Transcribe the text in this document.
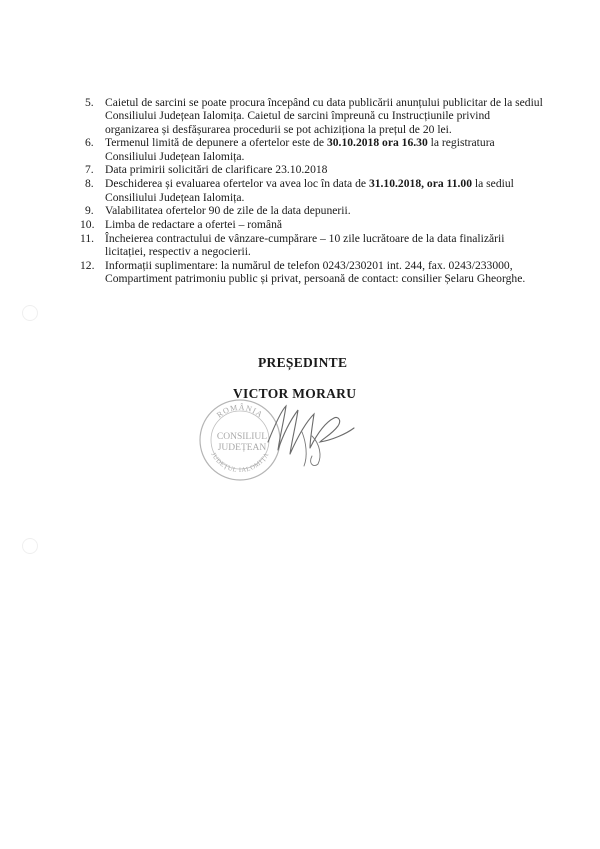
5. Caietul de sarcini se poate procura începând cu data publicării anunțului publicitar de la sediul Consiliului Județean Ialomița. Caietul de sarcini împreună cu Instrucțiunile privind organizarea și desfășurarea procedurii se pot achiziționa la prețul de 20 lei.
6. Termenul limită de depunere a ofertelor este de 30.10.2018 ora 16.30 la registratura Consiliului Județean Ialomița.
7. Data primirii solicitări de clarificare 23.10.2018
8. Deschiderea și evaluarea ofertelor va avea loc în data de 31.10.2018, ora 11.00 la sediul Consiliului Județean Ialomița.
9. Valabilitatea ofertelor 90 de zile de la data depunerii.
10. Limba de redactare a ofertei – română
11. Încheierea contractului de vânzare-cumpărare – 10 zile lucrătoare de la data finalizării licitației, respectiv a negocierii.
12. Informații suplimentare: la numărul de telefon 0243/230201 int. 244, fax. 0243/233000, Compartiment patrimoniu public și privat, persoană de contact: consilier Șelaru Gheorghe.
PREȘEDINTE
VICTOR MORARU
ROMÂNIA
CONSILIUL
JUDEȚEAN
JUDEȚUL IALOMIȚA
